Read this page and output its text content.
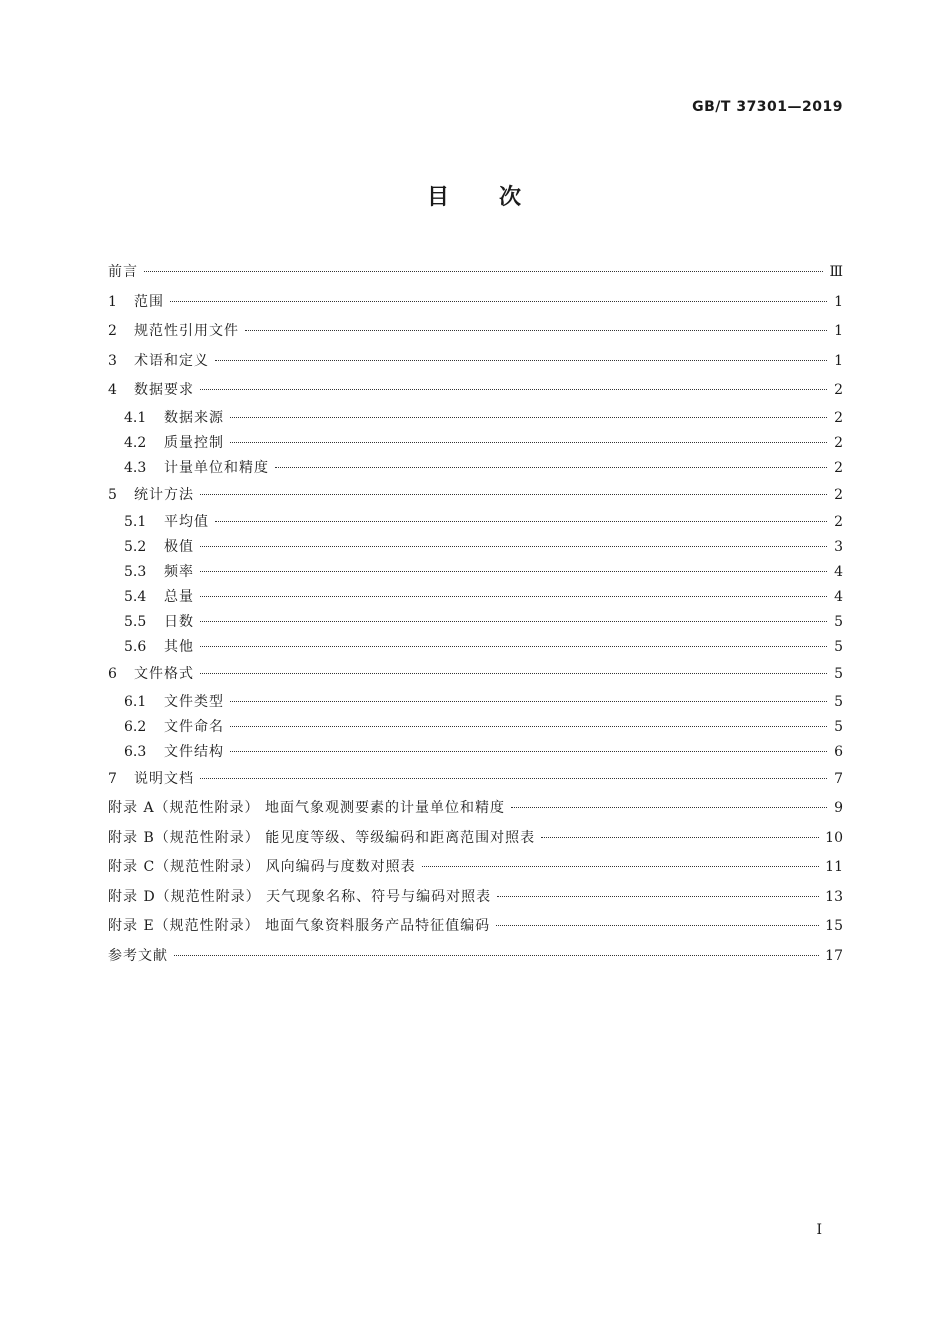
GB/T 37301—2019
目 次
前言	Ⅲ
1	范围	1
2	规范性引用文件	1
3	术语和定义	1
4	数据要求	2
4.1	数据来源	2
4.2	质量控制	2
4.3	计量单位和精度	2
5	统计方法	2
5.1	平均值	2
5.2	极值	3
5.3	频率	4
5.4	总量	4
5.5	日数	5
5.6	其他	5
6	文件格式	5
6.1	文件类型	5
6.2	文件命名	5
6.3	文件结构	6
7	说明文档	7
附录 A（规范性附录） 地面气象观测要素的计量单位和精度	9
附录 B（规范性附录） 能见度等级、等级编码和距离范围对照表	10
附录 C（规范性附录） 风向编码与度数对照表	11
附录 D（规范性附录） 天气现象名称、符号与编码对照表	13
附录 E（规范性附录） 地面气象资料服务产品特征值编码	15
参考文献	17
I
